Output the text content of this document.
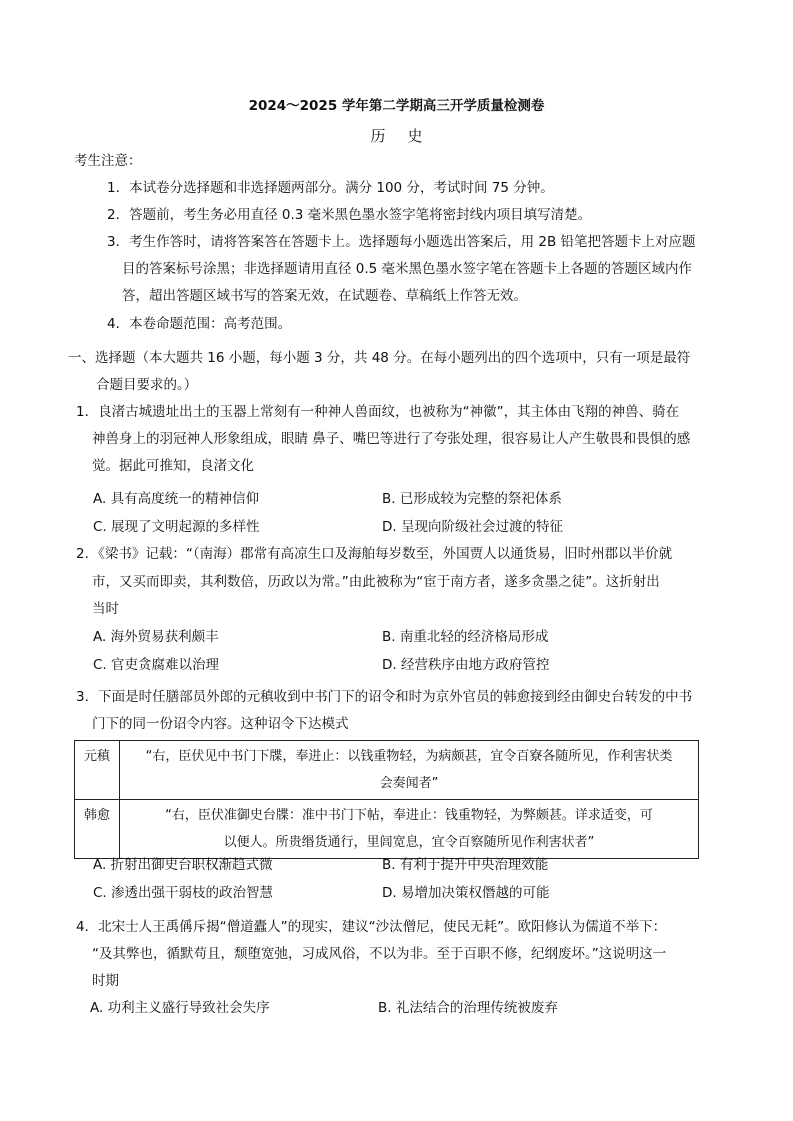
2024～2025 学年第二学期高三开学质量检测卷
历史
考生注意：
1．本试卷分选择题和非选择题两部分。满分 100 分，考试时间 75 分钟。
2．答题前，考生务必用直径 0.3 毫米黑色墨水签字笔将密封线内项目填写清楚。
3．考生作答时，请将答案答在答题卡上。选择题每小题选出答案后，用 2B 铅笔把答题卡上对应题
目的答案标号涂黑；非选择题请用直径 0.5 毫米黑色墨水签字笔在答题卡上各题的答题区域内作
答，超出答题区域书写的答案无效，在试题卷、草稿纸上作答无效。
4．本卷命题范围：高考范围。
一、选择题（本大题共 16 小题，每小题 3 分，共 48 分。在每小题列出的四个选项中，只有一项是最符
合题目要求的。）
1．良渚古城遗址出土的玉器上常刻有一种神人兽面纹，也被称为“神徽”，其主体由飞翔的神兽、骑在
神兽身上的羽冠神人形象组成，眼睛 鼻子、嘴巴等进行了夸张处理，很容易让人产生敬畏和畏惧的感
觉。据此可推知，良渚文化
A. 具有高度统一的精神信仰	B. 已形成较为完整的祭祀体系
C. 展现了文明起源的多样性	D. 呈现向阶级社会过渡的特征
2．《梁书》记载：“（南海）郡常有高凉生口及海舶每岁数至，外国贾人以通货易，旧时州郡以半价就
市，又买而即卖，其利数倍，历政以为常。”由此被称为“宦于南方者，遂多贪墨之徒”。这折射出
当时
A. 海外贸易获利颇丰	B. 南重北轻的经济格局形成
C. 官吏贪腐难以治理	D. 经营秩序由地方政府管控
3．下面是时任膳部员外郎的元稹收到中书门下的诏令和时为京外官员的韩愈接到经由御史台转发的中书
门下的同一份诏令内容。这种诏令下达模式
元稹	“右，臣伏见中书门下牒，奉进止：以钱重物轻，为病颇甚，宜令百寮各随所见，作利害状类
会奏闻者”

韩愈	“右，臣伏准御史台牒：准中书门下帖，奉进止：钱重物轻，为弊颇甚。详求适变，可
以便人。所贵缗货通行，里闾宽息，宜令百察随所见作利害状者”
A. 折射出御史台职权渐趋式微	B. 有利于提升中央治理效能
C. 渗透出强干弱枝的政治智慧	D. 易增加决策权僭越的可能
4．北宋士人王禹偁斥揭“僧道蠹人”的现实，建议“沙汰僧尼，使民无耗”。欧阳修认为儒道不举下：
“及其弊也，循默苟且，颓堕宽弛，习成风俗，不以为非。至于百职不修，纪纲废坏。”这说明这一
时期
A. 功利主义盛行导致社会失序	B. 礼法结合的治理传统被废弃
